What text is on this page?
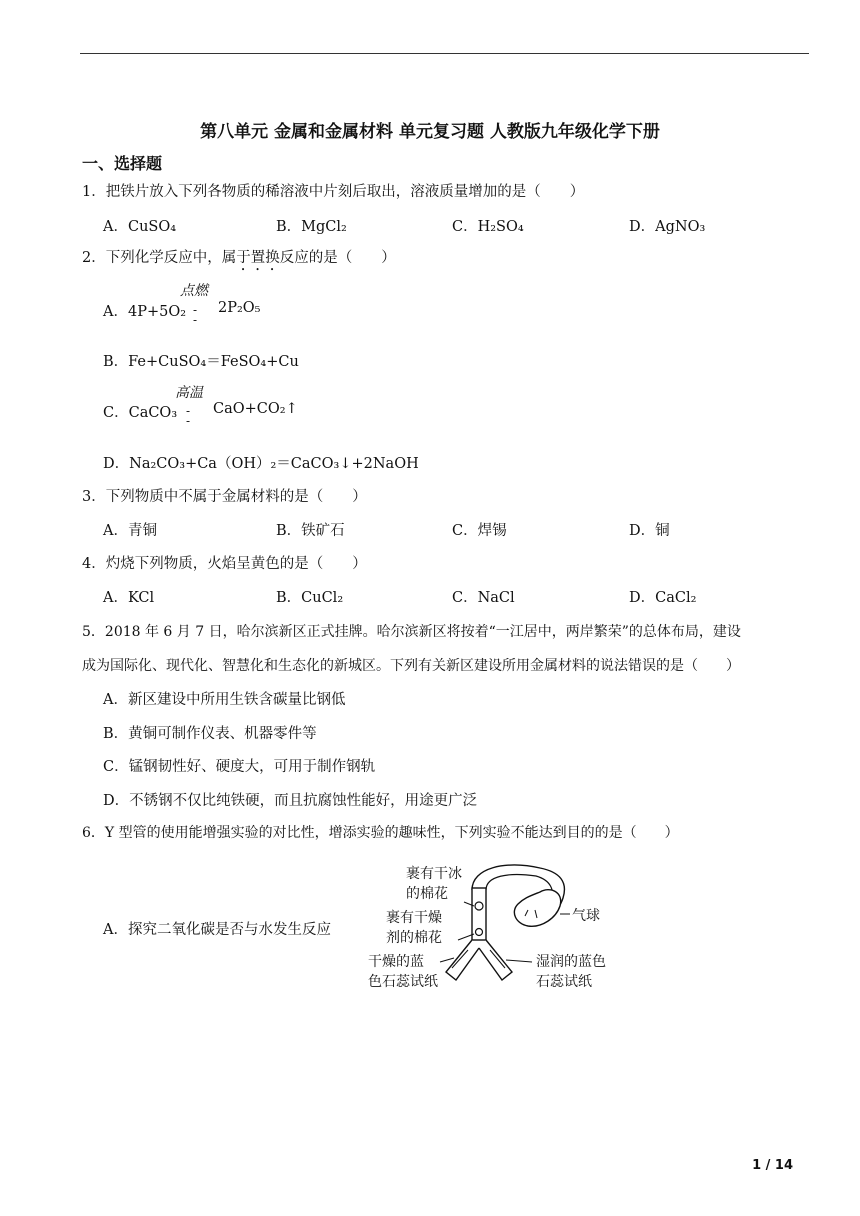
第八单元 金属和金属材料 单元复习题 人教版九年级化学下册
一、选择题
1．把铁片放入下列各物质的稀溶液中片刻后取出，溶液质量增加的是（　　）
A．CuSO₄	B．MgCl₂	C．H₂SO₄	D．AgNO₃
2．下列化学反应中，属于置换反应的是（　　）
点燃
A．4P+5O₂ -
-
2P₂O₅
B．Fe+CuSO₄＝FeSO₄+Cu
高温
C．CaCO₃ -
-
CaO+CO₂↑
D．Na₂CO₃+Ca（OH）₂＝CaCO₃↓+2NaOH
3．下列物质中不属于金属材料的是（　　）
A．青铜	B．铁矿石	C．焊锡	D．铜
4．灼烧下列物质，火焰呈黄色的是（　　）
A．KCl	B．CuCl₂	C．NaCl	D．CaCl₂
5．2018 年 6 月 7 日，哈尔滨新区正式挂牌。哈尔滨新区将按着“一江居中，两岸繁荣”的总体布局，建设
成为国际化、现代化、智慧化和生态化的新城区。下列有关新区建设所用金属材料的说法错误的是（　　）
A．新区建设中所用生铁含碳量比钢低
B．黄铜可制作仪表、机器零件等
C．锰钢韧性好、硬度大，可用于制作钢轨
D．不锈钢不仅比纯铁硬，而且抗腐蚀性能好，用途更广泛
6．Y 型管的使用能增强实验的对比性，增添实验的趣味性，下列实验不能达到目的的是（　　）
A．探究二氧化碳是否与水发生反应
裹有干冰
的棉花
裹有干燥
剂的棉花
干燥的蓝
色石蕊试纸
湿润的蓝色
石蕊试纸
气球
1 / 14
